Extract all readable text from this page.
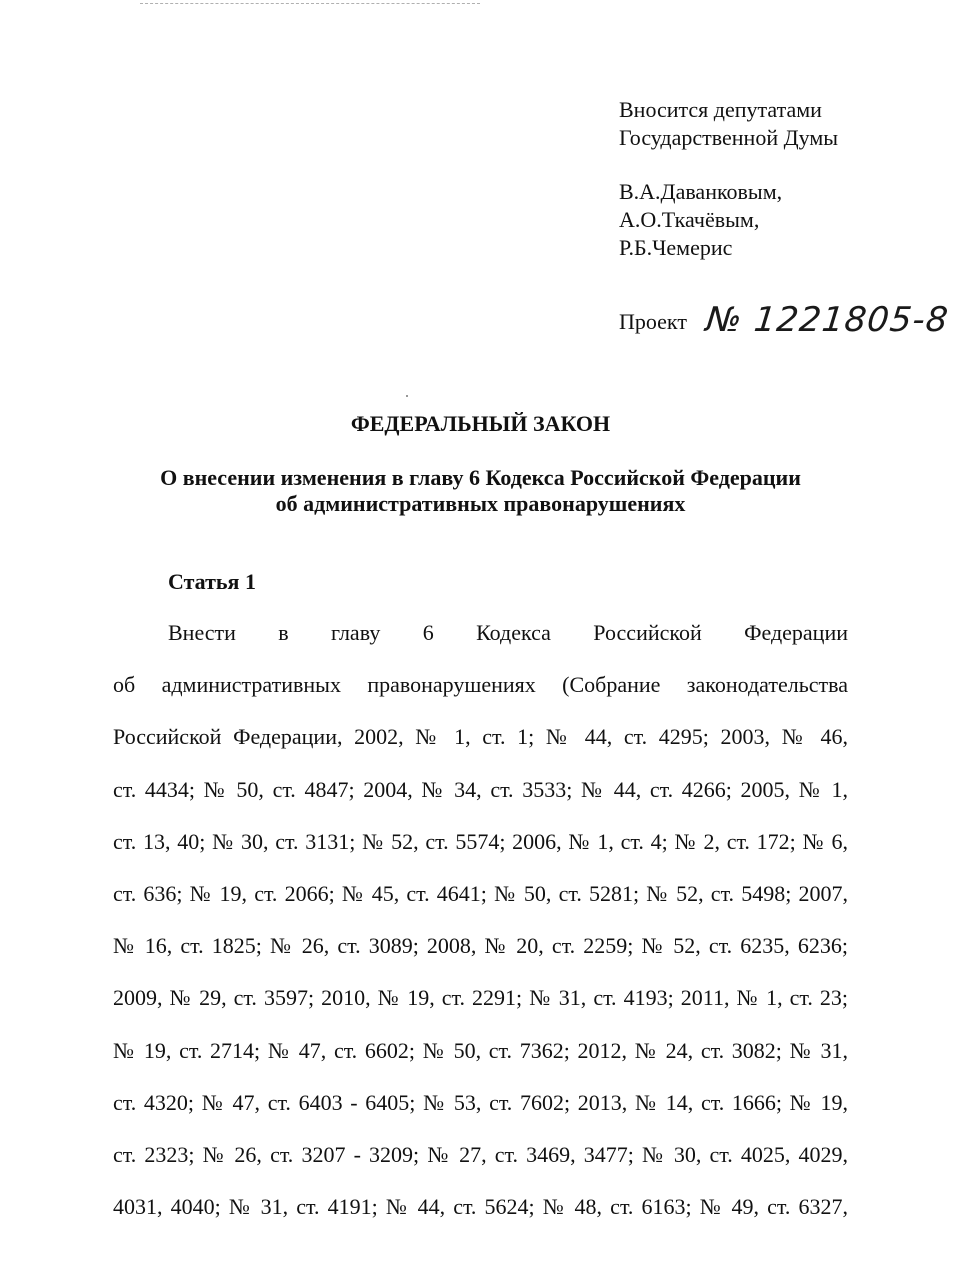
Вносится депутатами
Государственной Думы
В.А.Даванковым,
А.О.Ткачёвым,
Р.Б.Чемерис
Проект № 1221805-8
ФЕДЕРАЛЬНЫЙ ЗАКОН
О внесении изменения в главу 6 Кодекса Российской Федерации
об административных правонарушениях
Статья 1
Внести в главу 6 Кодекса Российской Федерации
об административных правонарушениях (Собрание законодательства
Российской Федерации, 2002, № 1, ст. 1; № 44, ст. 4295; 2003, № 46,
ст. 4434; № 50, ст. 4847; 2004, № 34, ст. 3533; № 44, ст. 4266; 2005, № 1,
ст. 13, 40; № 30, ст. 3131; № 52, ст. 5574; 2006, № 1, ст. 4; № 2, ст. 172; № 6,
ст. 636; № 19, ст. 2066; № 45, ст. 4641; № 50, ст. 5281; № 52, ст. 5498; 2007,
№ 16, ст. 1825; № 26, ст. 3089; 2008, № 20, ст. 2259; № 52, ст. 6235, 6236;
2009, № 29, ст. 3597; 2010, № 19, ст. 2291; № 31, ст. 4193; 2011, № 1, ст. 23;
№ 19, ст. 2714; № 47, ст. 6602; № 50, ст. 7362; 2012, № 24, ст. 3082; № 31,
ст. 4320; № 47, ст. 6403 - 6405; № 53, ст. 7602; 2013, № 14, ст. 1666; № 19,
ст. 2323; № 26, ст. 3207 - 3209; № 27, ст. 3469, 3477; № 30, ст. 4025, 4029,
4031, 4040; № 31, ст. 4191; № 44, ст. 5624; № 48, ст. 6163; № 49, ст. 6327,
